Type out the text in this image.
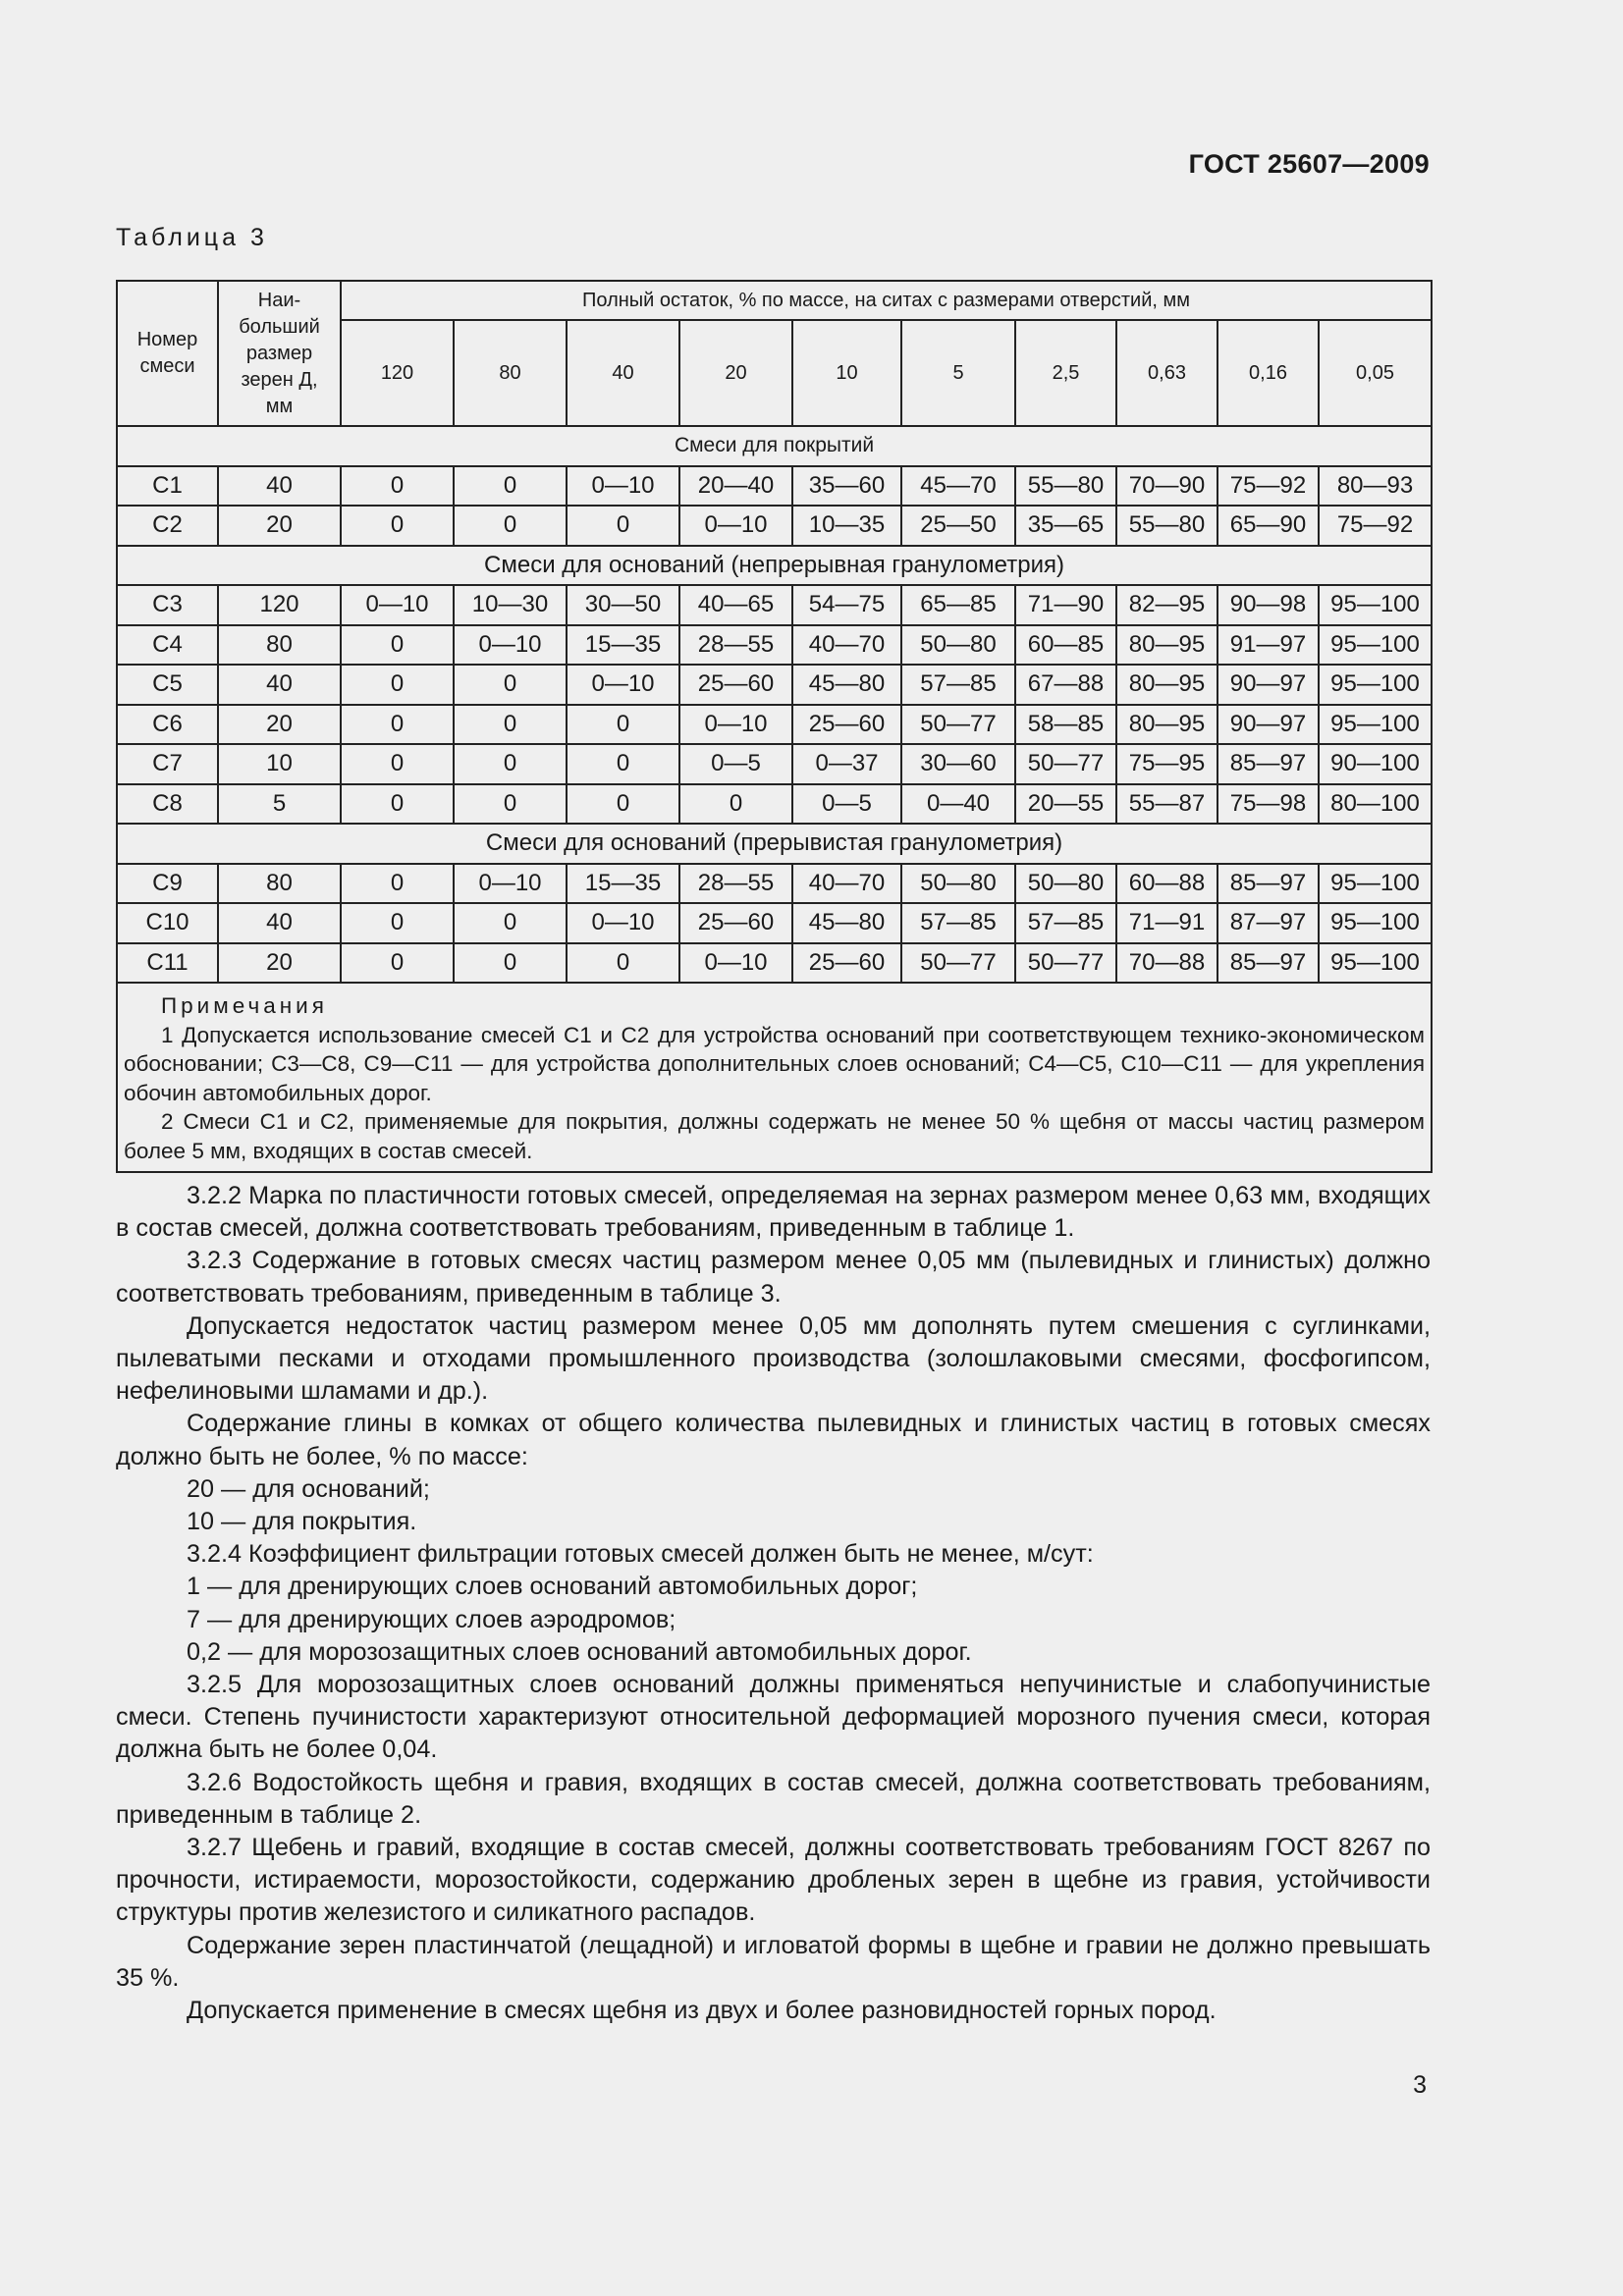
ГОСТ 25607—2009
Таблица 3
Номер смеси	Наи-
больший
размер
зерен Д,
мм	Полный остаток, % по массе, на ситах с размерами отверстий, мм									
		120	80	40	20	10	5	2,5	0,63	0,16	0,05
Смеси для покрытий											
С1	40	0	0	0—10	20—40	35—60	45—70	55—80	70—90	75—92	80—93
С2	20	0	0	0	0—10	10—35	25—50	35—65	55—80	65—90	75—92
Смеси для оснований (непрерывная гранулометрия)											
С3	120	0—10	10—30	30—50	40—65	54—75	65—85	71—90	82—95	90—98	95—100
С4	80	0	0—10	15—35	28—55	40—70	50—80	60—85	80—95	91—97	95—100
С5	40	0	0	0—10	25—60	45—80	57—85	67—88	80—95	90—97	95—100
С6	20	0	0	0	0—10	25—60	50—77	58—85	80—95	90—97	95—100
С7	10	0	0	0	0—5	0—37	30—60	50—77	75—95	85—97	90—100
С8	5	0	0	0	0	0—5	0—40	20—55	55—87	75—98	80—100
Смеси для оснований (прерывистая гранулометрия)											
С9	80	0	0—10	15—35	28—55	40—70	50—80	50—80	60—88	85—97	95—100
С10	40	0	0	0—10	25—60	45—80	57—85	57—85	71—91	87—97	95—100
С11	20	0	0	0	0—10	25—60	50—77	50—77	70—88	85—97	95—100

Примечания
1 Допускается использование смесей С1 и С2 для устройства оснований при соответствующем технико-экономическом обосновании; С3—С8, С9—С11 — для устройства дополнительных слоев оснований; С4—С5, С10—С11 — для укрепления обочин автомобильных дорог.
2 Смеси С1 и С2, применяемые для покрытия, должны содержать не менее 50 % щебня от массы частиц размером более 5 мм, входящих в состав смесей.											

3.2.2 Марка по пластичности готовых смесей, определяемая на зернах размером менее 0,63 мм, входящих в состав смесей, должна соответствовать требованиям, приведенным в таблице 1.

3.2.3 Содержание в готовых смесях частиц размером менее 0,05 мм (пылевидных и глинистых) должно соответствовать требованиям, приведенным в таблице 3.

Допускается недостаток частиц размером менее 0,05 мм дополнять путем смешения с суглинками, пылеватыми песками и отходами промышленного производства (золошлаковыми смесями, фосфогипсом, нефелиновыми шламами и др.).

Содержание глины в комках от общего количества пылевидных и глинистых частиц в готовых смесях должно быть не более, % по массе:

20 — для оснований;

10 — для покрытия.

3.2.4 Коэффициент фильтрации готовых смесей должен быть не менее, м/сут:

1 — для дренирующих слоев оснований автомобильных дорог;

7 — для дренирующих слоев аэродромов;

0,2 — для морозозащитных слоев оснований автомобильных дорог.

3.2.5 Для морозозащитных слоев оснований должны применяться непучинистые и слабопучинистые смеси. Степень пучинистости характеризуют относительной деформацией морозного пучения смеси, которая должна быть не более 0,04.

3.2.6 Водостойкость щебня и гравия, входящих в состав смесей, должна соответствовать требованиям, приведенным в таблице 2.

3.2.7 Щебень и гравий, входящие в состав смесей, должны соответствовать требованиям ГОСТ 8267 по прочности, истираемости, морозостойкости, содержанию дробленых зерен в щебне из гравия, устойчивости структуры против железистого и силикатного распадов.

Содержание зерен пластинчатой (лещадной) и игловатой формы в щебне и гравии не должно превышать 35 %.

Допускается применение в смесях щебня из двух и более разновидностей горных пород.

3
